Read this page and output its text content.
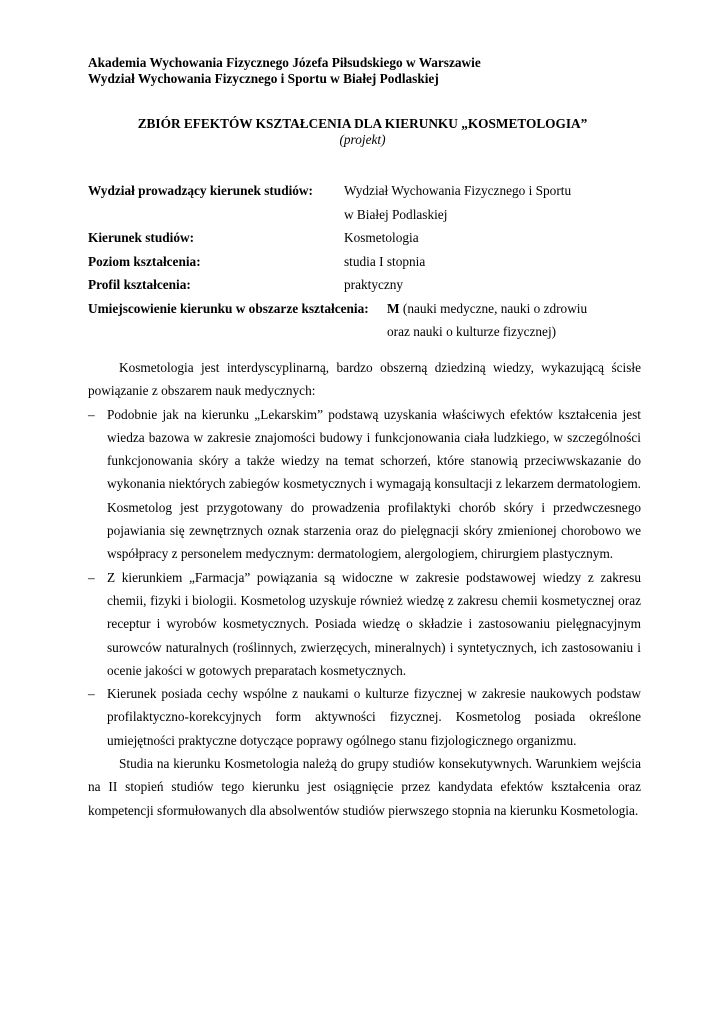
Akademia Wychowania Fizycznego Józefa Piłsudskiego w Warszawie
Wydział Wychowania Fizycznego i Sportu w Białej Podlaskiej
ZBIÓR EFEKTÓW KSZTAŁCENIA DLA KIERUNKU „KOSMETOLOGIA”
(projekt)
Wydział prowadzący kierunek studiów:	Wydział Wychowania Fizycznego i Sportu
w Białej Podlaskiej
Kierunek studiów:	Kosmetologia
Poziom kształcenia:	studia I stopnia
Profil kształcenia:	praktyczny
Umiejscowienie kierunku w obszarze kształcenia:	M (nauki medyczne, nauki o zdrowiu
oraz nauki o kulturze fizycznej)

Kosmetologia jest interdyscyplinarną, bardzo obszerną dziedziną wiedzy, wykazującą ścisłe powiązanie z obszarem nauk medycznych:

– Podobnie jak na kierunku „Lekarskim” podstawą uzyskania właściwych efektów kształcenia jest wiedza bazowa w zakresie znajomości budowy i funkcjonowania ciała ludzkiego, w szczególności funkcjonowania skóry a także wiedzy na temat schorzeń, które stanowią przeciwwskazanie do wykonania niektórych zabiegów kosmetycznych i wymagają konsultacji z lekarzem dermatologiem. Kosmetolog jest przygotowany do prowadzenia profilaktyki chorób skóry i przedwczesnego pojawiania się zewnętrznych oznak starzenia oraz do pielęgnacji skóry zmienionej chorobowo we współpracy z personelem medycznym: dermatologiem, alergologiem, chirurgiem plastycznym.
– Z kierunkiem „Farmacja” powiązania są widoczne w zakresie podstawowej wiedzy z zakresu chemii, fizyki i biologii. Kosmetolog uzyskuje również wiedzę z zakresu chemii kosmetycznej oraz receptur i wyrobów kosmetycznych. Posiada wiedzę o składzie i zastosowaniu pielęgnacyjnym surowców naturalnych (roślinnych, zwierzęcych, mineralnych) i syntetycznych, ich zastosowaniu i ocenie jakości w gotowych preparatach kosmetycznych.
– Kierunek posiada cechy wspólne z naukami o kulturze fizycznej w zakresie naukowych podstaw profilaktyczno-korekcyjnych form aktywności fizycznej. Kosmetolog posiada określone umiejętności praktyczne dotyczące poprawy ogólnego stanu fizjologicznego organizmu.

Studia na kierunku Kosmetologia należą do grupy studiów konsekutywnych. Warunkiem wejścia na II stopień studiów tego kierunku jest osiągnięcie przez kandydata efektów kształcenia oraz kompetencji sformułowanych dla absolwentów studiów pierwszego stopnia na kierunku Kosmetologia.
